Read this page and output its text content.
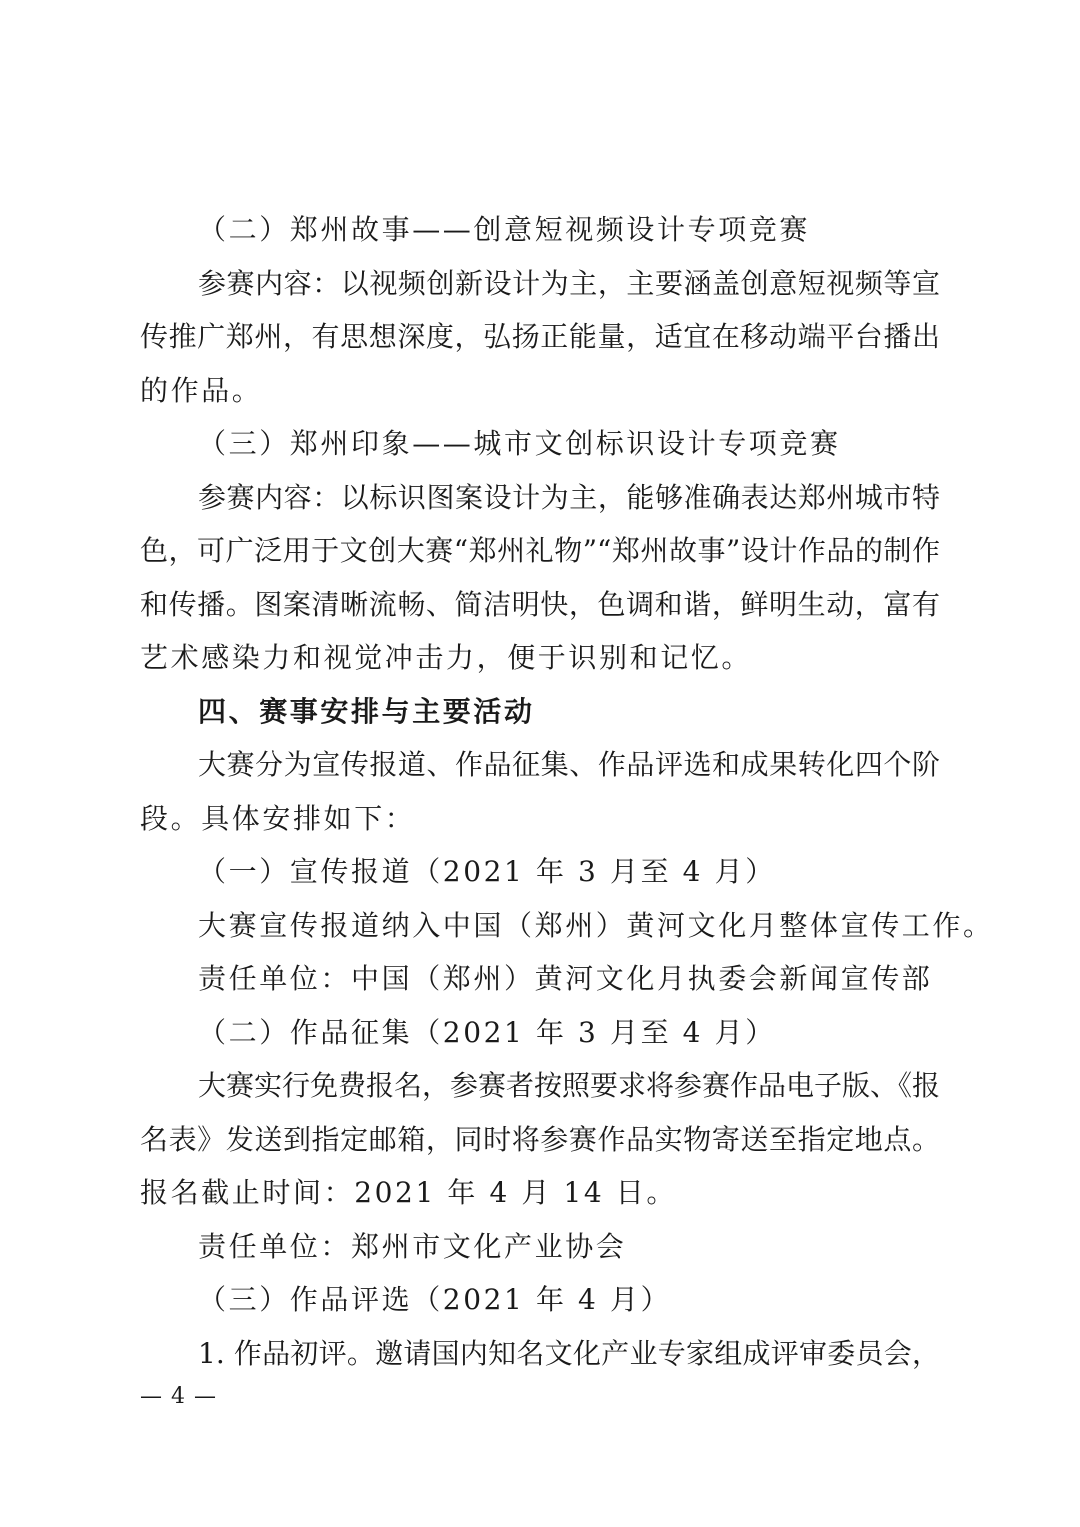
（二）郑州故事——创意短视频设计专项竞赛
参赛内容：以视频创新设计为主，主要涵盖创意短视频等宣
传推广郑州，有思想深度，弘扬正能量，适宜在移动端平台播出
的作品。
（三）郑州印象——城市文创标识设计专项竞赛
参赛内容：以标识图案设计为主，能够准确表达郑州城市特
色，可广泛用于文创大赛“郑州礼物”“郑州故事”设计作品的制作
和传播。图案清晰流畅、简洁明快，色调和谐，鲜明生动，富有
艺术感染力和视觉冲击力，便于识别和记忆。
四、赛事安排与主要活动
大赛分为宣传报道、作品征集、作品评选和成果转化四个阶
段。具体安排如下：
（一）宣传报道（2021 年 3 月至 4 月）
大赛宣传报道纳入中国（郑州）黄河文化月整体宣传工作。
责任单位：中国（郑州）黄河文化月执委会新闻宣传部
（二）作品征集（2021 年 3 月至 4 月）
大赛实行免费报名，参赛者按照要求将参赛作品电子版、《报
名表》发送到指定邮箱，同时将参赛作品实物寄送至指定地点。
报名截止时间：2021 年 4 月 14 日。
责任单位：郑州市文化产业协会
（三）作品评选（2021 年 4 月）
1. 作品初评。邀请国内知名文化产业专家组成评审委员会，
— 4 —
